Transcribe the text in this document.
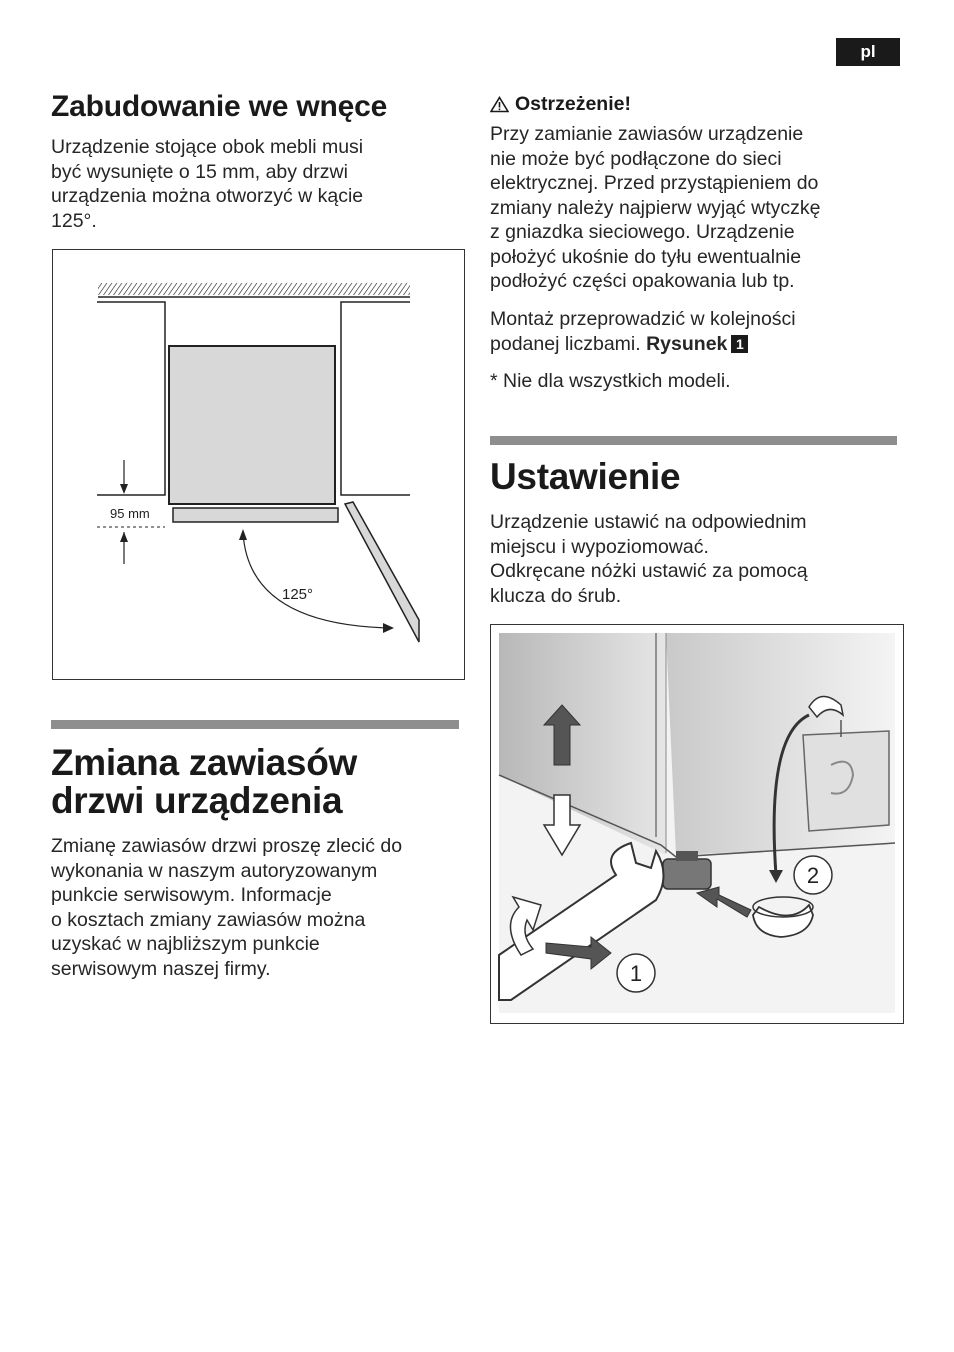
pl
Zabudowanie we wnęce
Urządzenie stojące obok mebli musi
być wysunięte o 15 mm, aby drzwi
urządzenia można otworzyć w kącie
125°.
95 mm
125°
Zmiana zawiasów
drzwi urządzenia
Zmianę zawiasów drzwi proszę zlecić do
wykonania w naszym autoryzowanym
punkcie serwisowym. Informacje
o kosztach zmiany zawiasów można
uzyskać w najbliższym punkcie
serwisowym naszej firmy.
Ostrzeżenie!
Przy zamianie zawiasów urządzenie
nie może być podłączone do sieci
elektrycznej. Przed przystąpieniem do
zmiany należy najpierw wyjąć wtyczkę
z gniazdka sieciowego. Urządzenie
położyć ukośnie do tyłu ewentualnie
podłożyć części opakowania lub tp.
Montaż przeprowadzić w kolejności
podanej liczbami. Rysunek 1
* Nie dla wszystkich modeli.
Ustawienie
Urządzenie ustawić na odpowiednim
miejscu i wypoziomować.
Odkręcane nóżki ustawić za pomocą
klucza do śrub.
1
2
